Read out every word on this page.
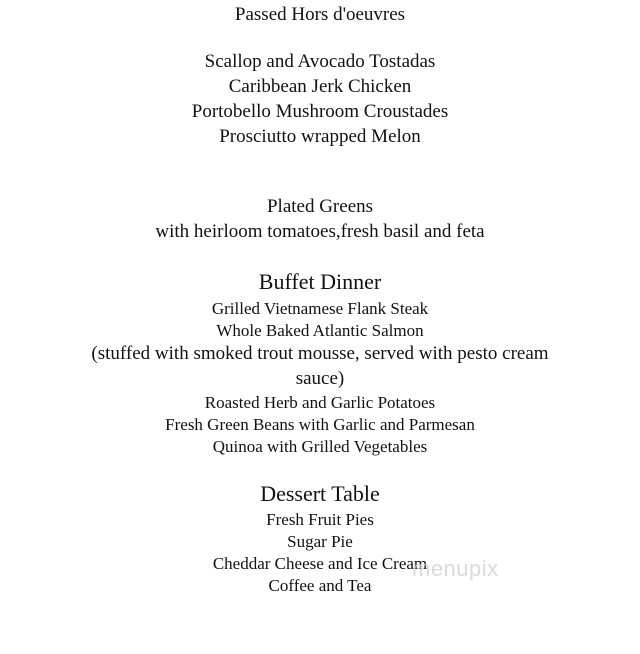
Passed Hors d'oeuvres
Scallop and Avocado Tostadas
Caribbean Jerk Chicken
Portobello Mushroom Croustades
Prosciutto wrapped Melon
Plated Greens
with heirloom tomatoes,fresh basil and feta
Buffet Dinner
Grilled Vietnamese Flank Steak
Whole Baked Atlantic Salmon
(stuffed with smoked trout mousse, served with pesto cream
sauce)
Roasted Herb and Garlic Potatoes
Fresh Green Beans with Garlic and Parmesan
Quinoa with Grilled Vegetables
Dessert Table
Fresh Fruit Pies
Sugar Pie
Cheddar Cheese and Ice Cream
Coffee and Tea
menupix
